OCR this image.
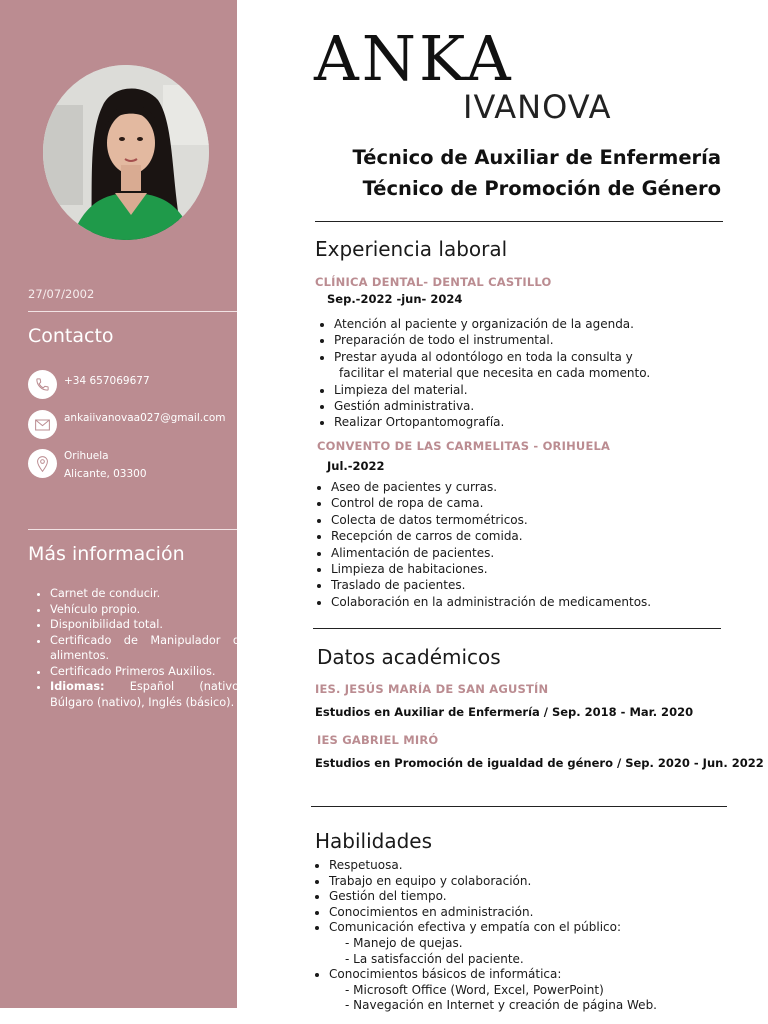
27/07/2002
Contacto
+34 657069677
ankaiivanovaa027@gmail.com
Orihuela
Alicante, 03300
Más información
• Carnet de conducir.
• Vehículo propio.
• Disponibilidad total.
• Certificado de Manipulador de alimentos.
• Certificado Primeros Auxilios.
• Idiomas: Español (nativo), Búlgaro (nativo), Inglés (básico).
ANKA
IVANOVA

Técnico de Auxiliar de Enfermería

Técnico de Promoción de Género

Experiencia laboral
CLÍNICA DENTAL- DENTAL CASTILLO
Sep.-2022 -jun- 2024
• Atención al paciente y organización de la agenda.
• Preparación de todo el instrumental.
• Prestar ayuda al odontólogo en toda la consulta y
facilitar el material que necesita en cada momento.
• Limpieza del material.
• Gestión administrativa.
• Realizar Ortopantomografía.
CONVENTO DE LAS CARMELITAS - ORIHUELA
Jul.-2022
• Aseo de pacientes y curras.
• Control de ropa de cama.
• Colecta de datos termométricos.
• Recepción de carros de comida.
• Alimentación de pacientes.
• Limpieza de habitaciones.
• Traslado de pacientes.
• Colaboración en la administración de medicamentos.
Datos académicos
IES. JESÚS MARÍA DE SAN AGUSTÍN
Estudios en Auxiliar de Enfermería / Sep. 2018 - Mar. 2020
IES GABRIEL MIRÓ
Estudios en Promoción de igualdad de género / Sep. 2020 - Jun. 2022
Habilidades
• Respetuosa.
• Trabajo en equipo y colaboración.
• Gestión del tiempo.
• Conocimientos en administración.
• Comunicación efectiva y empatía con el público:
- Manejo de quejas.
- La satisfacción del paciente.
• Conocimientos básicos de informática:
- Microsoft Office (Word, Excel, PowerPoint)
- Navegación en Internet y creación de página Web.
